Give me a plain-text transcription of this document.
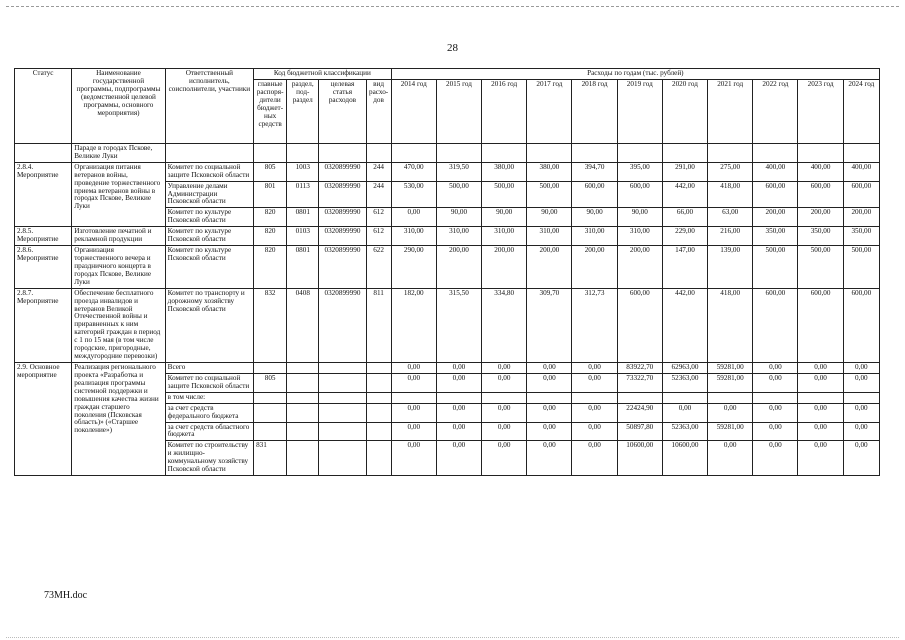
28
Статус	Наименование государственной программы, подпрограммы (ведомственной целевой программы, основного мероприятия)	Ответственный исполнитель, соисполнители, участники	Код бюджетной классификации				Расходы по годам (тыс. рублей)										
			главные распоря-дители бюджет-ных средств	раздел, под-раздел	целевая статья расходов	вид расхо-дов	2014 год	2015 год	2016 год	2017 год	2018 год	2019 год	2020 год	2021 год	2022 год	2023 год	2024 год
	Параде в городах Пскове, Великие Луки																
2.8.4. Мероприятие	Организация питания ветеранов войны, проведение торжественного приема ветеранов войны в городах Пскове, Великие Луки	Комитет по социальной защите Псковской области	805	1003	0320899990	244	470,00	319,50	380,00	380,00	394,70	395,00	291,00	275,00	400,00	400,00	400,00
		Управление делами Администрации Псковской области	801	0113	0320899990	244	530,00	500,00	500,00	500,00	600,00	600,00	442,00	418,00	600,00	600,00	600,00
		Комитет по культуре Псковской области	820	0801	0320899990	612	0,00	90,00	90,00	90,00	90,00	90,00	66,00	63,00	200,00	200,00	200,00
2.8.5. Мероприятие	Изготовление печатной и рекламной продукции	Комитет по культуре Псковской области	820	0103	0320899990	612	310,00	310,00	310,00	310,00	310,00	310,00	229,00	216,00	350,00	350,00	350,00
2.8.6. Мероприятие	Организация торжественного вечера и праздничного концерта в городах Пскове, Великие Луки	Комитет по культуре Псковской области	820	0801	0320899990	622	290,00	200,00	200,00	200,00	200,00	200,00	147,00	139,00	500,00	500,00	500,00
2.8.7. Мероприятие	Обеспечение бесплатного проезда инвалидов и ветеранов Великой Отечественной войны и приравненных к ним категорий граждан в период с 1 по 15 мая (в том числе городские, пригородные, междугородние перевозки)	Комитет по транспорту и дорожному хозяйству Псковской области	832	0408	0320899990	811	182,00	315,50	334,80	309,70	312,73	600,00	442,00	418,00	600,00	600,00	600,00
2.9. Основное мероприятие	Реализация регионального проекта «Разработка и реализация программы системной поддержки и повышения качества жизни граждан старшего поколения (Псковская область)» («Старшее поколение»)	Всего					0,00	0,00	0,00	0,00	0,00	83922,70	62963,00	59281,00	0,00	0,00	0,00
		Комитет по социальной защите Псковской области	805				0,00	0,00	0,00	0,00	0,00	73322,70	52363,00	59281,00	0,00	0,00	0,00
		в том числе:															
		за счет средств федерального бюджета					0,00	0,00	0,00	0,00	0,00	22424,90	0,00	0,00	0,00	0,00	0,00
		за счет средств областного бюджета					0,00	0,00	0,00	0,00	0,00	50897,80	52363,00	59281,00	0,00	0,00	0,00
		Комитет по строительству и жилищно-коммунальному хозяйству Псковской области	831				0,00	0,00	0,00	0,00	0,00	10600,00	10600,00	0,00	0,00	0,00	0,00
73МН.doc
